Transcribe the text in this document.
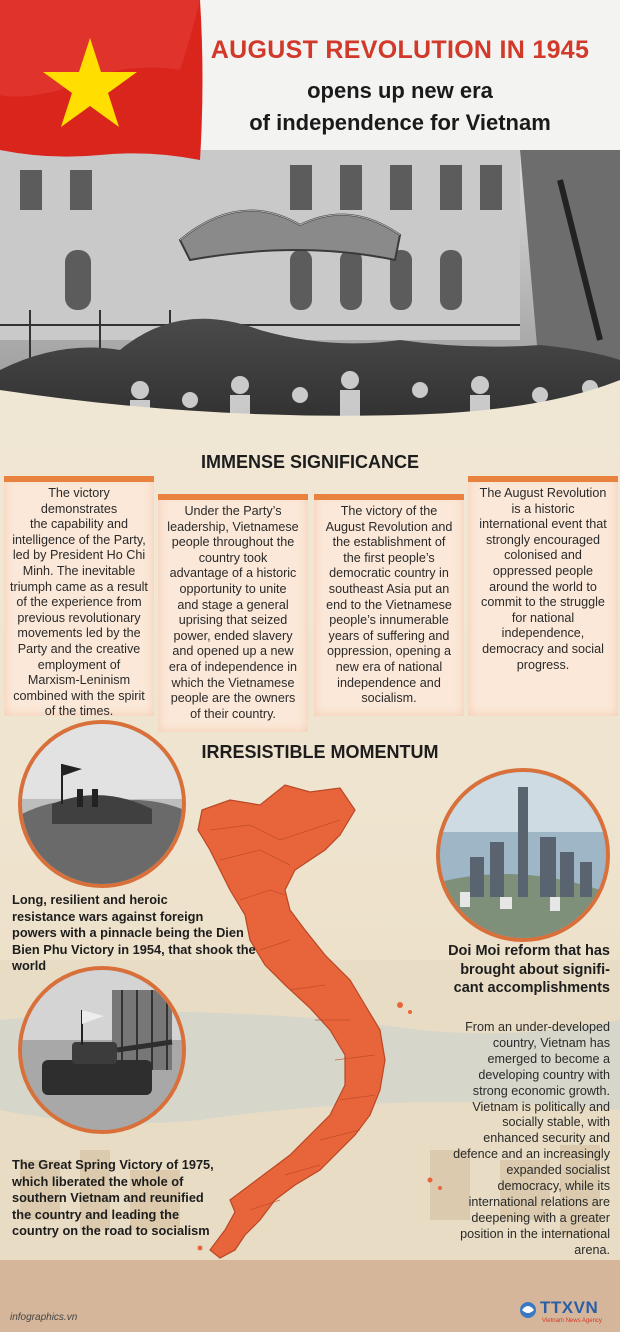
AUGUST REVOLUTION IN 1945
opens up new era
of independence for Vietnam
IMMENSE SIGNIFICANCE
The victory demonstrates
the capability and
intelligence of the Party,
led by President Ho Chi
Minh. The inevitable
triumph came as a result
of the experience from
previous revolutionary
movements led by the
Party and the creative
employment of
Marxism-Leninism
combined with the spirit
of the times.
Under the Party’s
leadership, Vietnamese
people throughout the
country took
advantage of a historic
opportunity to unite
and stage a general
uprising that seized
power, ended slavery
and opened up a new
era of independence in
which the Vietnamese
people are the owners
of their country.
The victory of the
August Revolution and
the establishment of
the first people’s
democratic country in
southeast Asia put an
end to the Vietnamese
people’s innumerable
years of suffering and
oppression, opening a
new era of national
independence and
socialism.
The August Revolution
is a historic
international event that
strongly encouraged
colonised and
oppressed people
around the world to
commit to the struggle
for national
independence,
democracy and social
progress.
IRRESISTIBLE MOMENTUM
Long, resilient and heroic
resistance wars against foreign
powers with a pinnacle being the Dien
Bien Phu Victory in 1954, that shook the
world
The Great Spring Victory of 1975,
which liberated the whole of
southern Vietnam and reunified
the country and leading the
country on the road to socialism
Doi Moi reform that has
brought about signifi-
cant accomplishments
From an under-developed
country, Vietnam has
emerged to become a
developing country with
strong economic growth.
Vietnam is politically and
socially stable, with
enhanced security and
defence and an increasingly
expanded socialist
democracy, while its
international relations are
deepening with a greater
position in the international
arena.
infographics.vn
TTXVN
Vietnam News Agency
